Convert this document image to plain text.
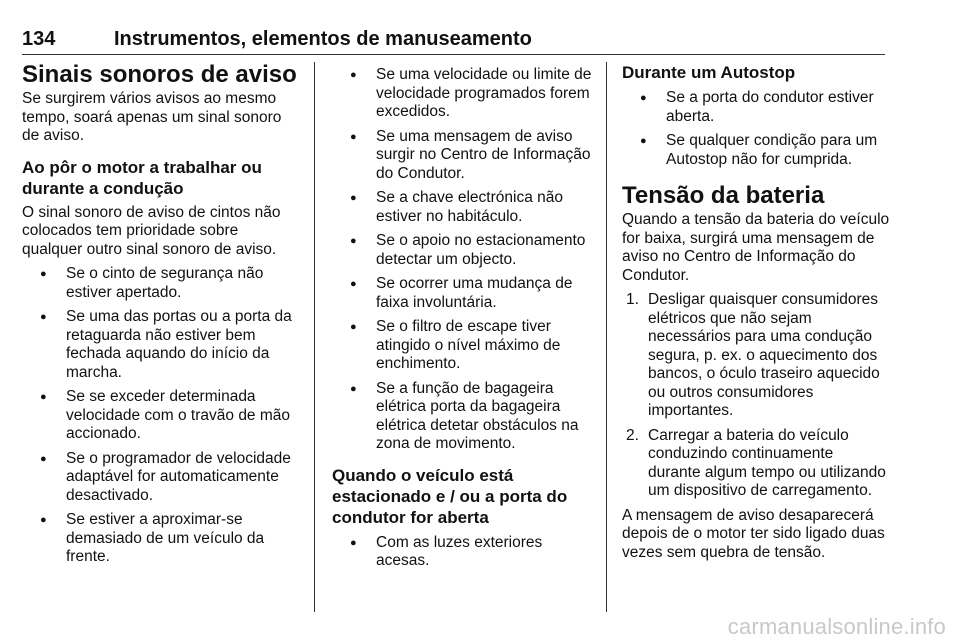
134	Instrumentos, elementos de manuseamento
Sinais sonoros de aviso

Se surgirem vários avisos ao mesmo tempo, soará apenas um sinal sonoro de aviso.

Ao pôr o motor a trabalhar ou durante a condução

O sinal sonoro de aviso de cintos não colocados tem prioridade sobre qualquer outro sinal sonoro de aviso.

● Se o cinto de segurança não estiver apertado.
● Se uma das portas ou a porta da retaguarda não estiver bem fechada aquando do início da marcha.
● Se se exceder determinada velocidade com o travão de mão accionado.
● Se o programador de velocidade adaptável for automaticamente desactivado.
● Se estiver a aproximar-se demasiado de um veículo da frente.
● Se uma velocidade ou limite de velocidade programados forem excedidos.
● Se uma mensagem de aviso surgir no Centro de Informação do Condutor.
● Se a chave electrónica não estiver no habitáculo.
● Se o apoio no estacionamento detectar um objecto.
● Se ocorrer uma mudança de faixa involuntária.
● Se o filtro de escape tiver atingido o nível máximo de enchimento.
● Se a função de bagageira elétrica porta da bagageira elétrica detetar obstáculos na zona de movimento.
Quando o veículo está estacionado e / ou a porta do condutor for aberta
● Com as luzes exteriores acesas.
Durante um Autostop
● Se a porta do condutor estiver aberta.
● Se qualquer condição para um Autostop não for cumprida.
Tensão da bateria

Quando a tensão da bateria do veículo for baixa, surgirá uma mensagem de aviso no Centro de Informação do Condutor.

1. Desligar quaisquer consumidores elétricos que não sejam necessários para uma condução segura, p. ex. o aquecimento dos bancos, o óculo traseiro aquecido ou outros consumidores importantes.
2. Carregar a bateria do veículo conduzindo continuamente durante algum tempo ou utilizando um dispositivo de carregamento.

A mensagem de aviso desaparecerá depois de o motor ter sido ligado duas vezes sem quebra de tensão.

carmanualsonline.info
